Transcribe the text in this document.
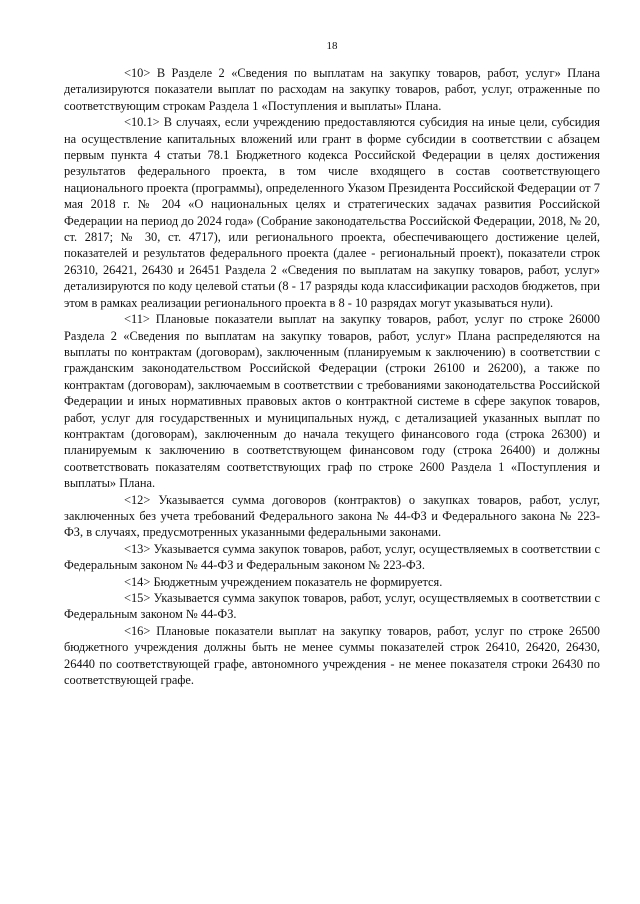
18

<10> В Разделе 2 «Сведения по выплатам на закупку товаров, работ, услуг» Плана детализируются показатели выплат по расходам на закупку товаров, работ, услуг, отраженные по соответствующим строкам Раздела 1 «Поступления и выплаты» Плана.

<10.1> В случаях, если учреждению предоставляются субсидия на иные цели, субсидия на осуществление капитальных вложений или грант в форме субсидии в соответствии с абзацем первым пункта 4 статьи 78.1 Бюджетного кодекса Российской Федерации в целях достижения результатов федерального проекта, в том числе входящего в состав соответствующего национального проекта (программы), определенного Указом Президента Российской Федерации от 7 мая 2018 г. № 204 «О национальных целях и стратегических задачах развития Российской Федерации на период до 2024 года» (Собрание законодательства Российской Федерации, 2018, № 20, ст. 2817; № 30, ст. 4717), или регионального проекта, обеспечивающего достижение целей, показателей и результатов федерального проекта (далее - региональный проект), показатели строк 26310, 26421, 26430 и 26451 Раздела 2 «Сведения по выплатам на закупку товаров, работ, услуг» детализируются по коду целевой статьи (8 - 17 разряды кода классификации расходов бюджетов, при этом в рамках реализации регионального проекта в 8 - 10 разрядах могут указываться нули).

<11> Плановые показатели выплат на закупку товаров, работ, услуг по строке 26000 Раздела 2 «Сведения по выплатам на закупку товаров, работ, услуг» Плана распределяются на выплаты по контрактам (договорам), заключенным (планируемым к заключению) в соответствии с гражданским законодательством Российской Федерации (строки 26100 и 26200), а также по контрактам (договорам), заключаемым в соответствии с требованиями законодательства Российской Федерации и иных нормативных правовых актов о контрактной системе в сфере закупок товаров, работ, услуг для государственных и муниципальных нужд, с детализацией указанных выплат по контрактам (договорам), заключенным до начала текущего финансового года (строка 26300) и планируемым к заключению в соответствующем финансовом году (строка 26400) и должны соответствовать показателям соответствующих граф по строке 2600 Раздела 1 «Поступления и выплаты» Плана.

<12> Указывается сумма договоров (контрактов) о закупках товаров, работ, услуг, заключенных без учета требований Федерального закона № 44-ФЗ и Федерального закона № 223-ФЗ, в случаях, предусмотренных указанными федеральными законами.

<13> Указывается сумма закупок товаров, работ, услуг, осуществляемых в соответствии с Федеральным законом № 44-ФЗ и Федеральным законом № 223-ФЗ.

<14> Бюджетным учреждением показатель не формируется.

<15> Указывается сумма закупок товаров, работ, услуг, осуществляемых в соответствии с Федеральным законом № 44-ФЗ.

<16> Плановые показатели выплат на закупку товаров, работ, услуг по строке 26500 бюджетного учреждения должны быть не менее суммы показателей строк 26410, 26420, 26430, 26440 по соответствующей графе, автономного учреждения - не менее показателя строки 26430 по соответствующей графе.
